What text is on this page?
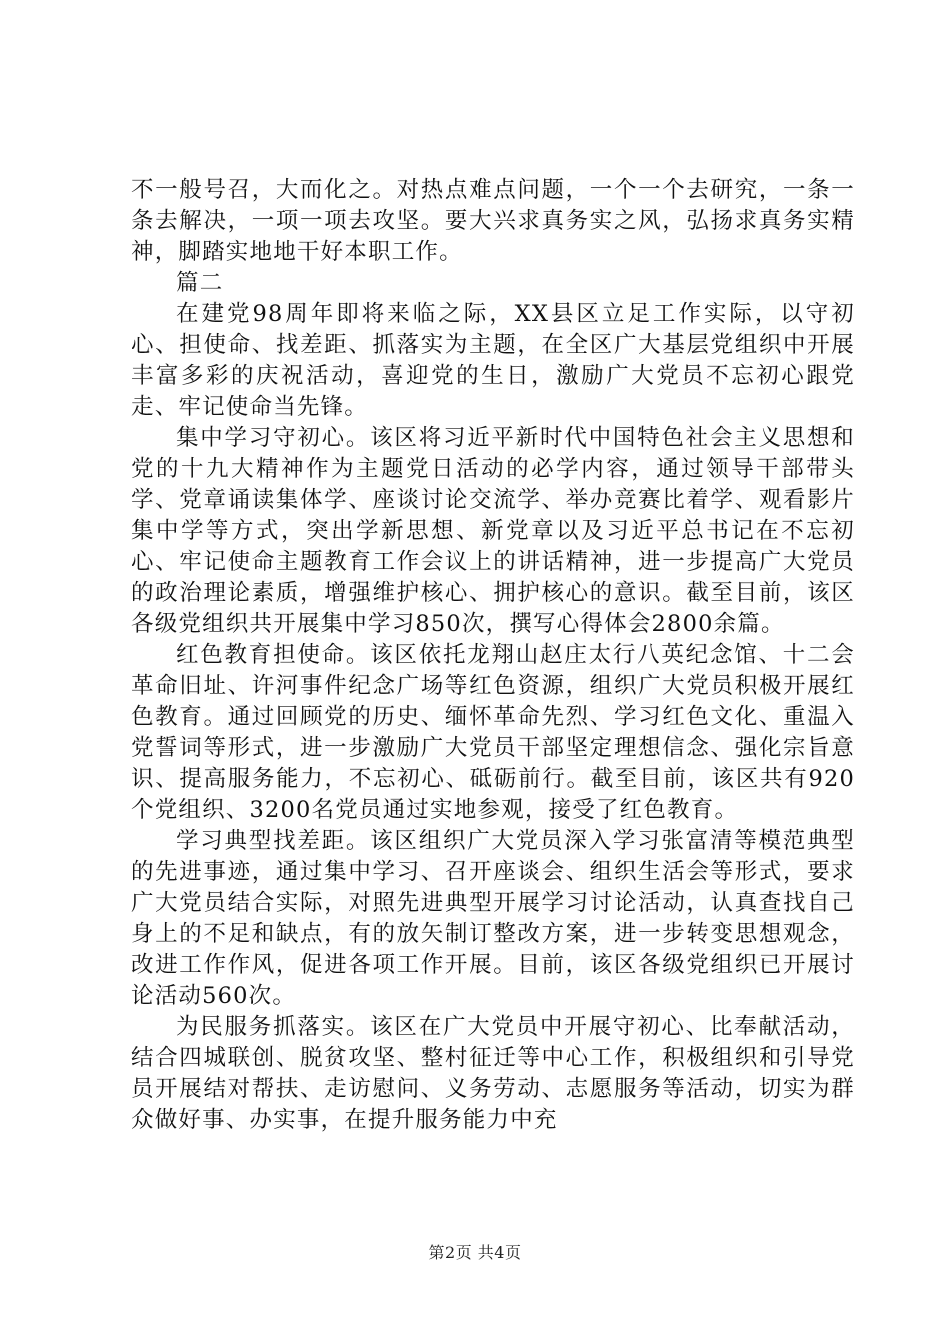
不一般号召，大而化之。对热点难点问题，一个一个去研究，一条一条去解决，一项一项去攻坚。要大兴求真务实之风，弘扬求真务实精神，脚踏实地地干好本职工作。

篇二

在建党98周年即将来临之际，XX县区立足工作实际，以守初心、担使命、找差距、抓落实为主题，在全区广大基层党组织中开展丰富多彩的庆祝活动，喜迎党的生日，激励广大党员不忘初心跟党走、牢记使命当先锋。

集中学习守初心。该区将习近平新时代中国特色社会主义思想和党的十九大精神作为主题党日活动的必学内容，通过领导干部带头学、党章诵读集体学、座谈讨论交流学、举办竞赛比着学、观看影片集中学等方式，突出学新思想、新党章以及习近平总书记在不忘初心、牢记使命主题教育工作会议上的讲话精神，进一步提高广大党员的政治理论素质，增强维护核心、拥护核心的意识。截至目前，该区各级党组织共开展集中学习850次，撰写心得体会2800余篇。

红色教育担使命。该区依托龙翔山赵庄太行八英纪念馆、十二会革命旧址、许河事件纪念广场等红色资源，组织广大党员积极开展红色教育。通过回顾党的历史、缅怀革命先烈、学习红色文化、重温入党誓词等形式，进一步激励广大党员干部坚定理想信念、强化宗旨意识、提高服务能力，不忘初心、砥砺前行。截至目前，该区共有920个党组织、3200名党员通过实地参观，接受了红色教育。

学习典型找差距。该区组织广大党员深入学习张富清等模范典型的先进事迹，通过集中学习、召开座谈会、组织生活会等形式，要求广大党员结合实际，对照先进典型开展学习讨论活动，认真查找自己身上的不足和缺点，有的放矢制订整改方案，进一步转变思想观念，改进工作作风，促进各项工作开展。目前，该区各级党组织已开展讨论活动560次。

为民服务抓落实。该区在广大党员中开展守初心、比奉献活动，结合四城联创、脱贫攻坚、整村征迁等中心工作，积极组织和引导党员开展结对帮扶、走访慰问、义务劳动、志愿服务等活动，切实为群众做好事、办实事，在提升服务能力中充

第2页 共4页
